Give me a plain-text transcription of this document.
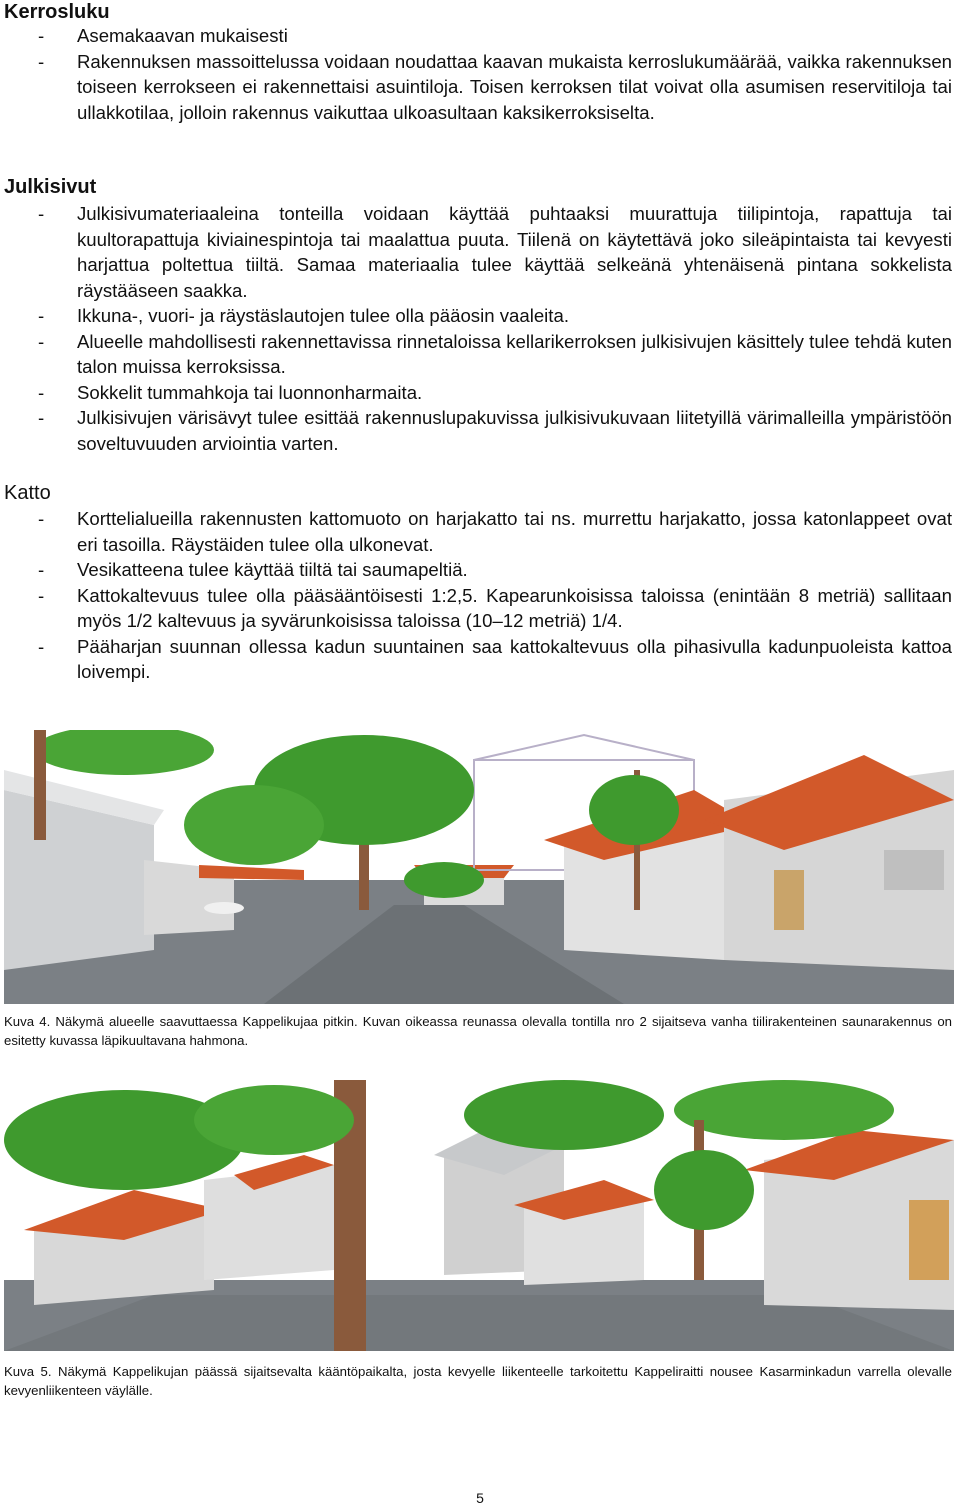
Kerrosluku
- Asemakaavan mukaisesti
- Rakennuksen massoittelussa voidaan noudattaa kaavan mukaista kerroslukumäärää, vaikka rakennuksen toiseen kerrokseen ei rakennettaisi asuintiloja. Toisen kerroksen tilat voivat olla asumisen reservitiloja tai ullakkotilaa, jolloin rakennus vaikuttaa ulkoasultaan kaksikerroksiselta.
Julkisivut
- Julkisivumateriaaleina tonteilla voidaan käyttää puhtaaksi muurattuja tiilipintoja, rapattuja tai kuultorapattuja kiviainespintoja tai maalattua puuta. Tiilenä on käytettävä joko sileäpintaista tai kevyesti harjattua poltettua tiiltä. Samaa materiaalia tulee käyttää selkeänä yhtenäisenä pintana sokkelista räystääseen saakka.
- Ikkuna-, vuori- ja räystäslautojen tulee olla pääosin vaaleita.
- Alueelle mahdollisesti rakennettavissa rinnetaloissa kellarikerroksen julkisivujen käsittely tulee tehdä kuten talon muissa kerroksissa.
- Sokkelit tummahkoja tai luonnonharmaita.
- Julkisivujen värisävyt tulee esittää rakennuslupakuvissa julkisivukuvaan liitetyillä värimalleilla ympäristöön soveltuvuuden arviointia varten.
Katto
- Korttelialueilla rakennusten kattomuoto on harjakatto tai ns. murrettu harjakatto, jossa katonlappeet ovat eri tasoilla. Räystäiden tulee olla ulkonevat.
- Vesikatteena tulee käyttää tiiltä tai saumapeltiä.
- Kattokaltevuus tulee olla pääsääntöisesti 1:2,5. Kapearunkoisissa taloissa (enintään 8 metriä) sallitaan myös 1/2 kaltevuus ja syvärunkoisissa taloissa (10–12 metriä) 1/4.
- Pääharjan suunnan ollessa kadun suuntainen saa kattokaltevuus olla pihasivulla kadunpuoleista kattoa loivempi.
Kuva 4. Näkymä alueelle saavuttaessa Kappelikujaa pitkin. Kuvan oikeassa reunassa olevalla tontilla nro 2 sijaitseva vanha tiilirakenteinen saunarakennus on esitetty kuvassa läpikuultavana hahmona.
Kuva 5. Näkymä Kappelikujan päässä sijaitsevalta kääntöpaikalta, josta kevyelle liikenteelle tarkoitettu Kappeliraitti nousee Kasarminkadun varrella olevalle kevyenliikenteen väylälle.
5
